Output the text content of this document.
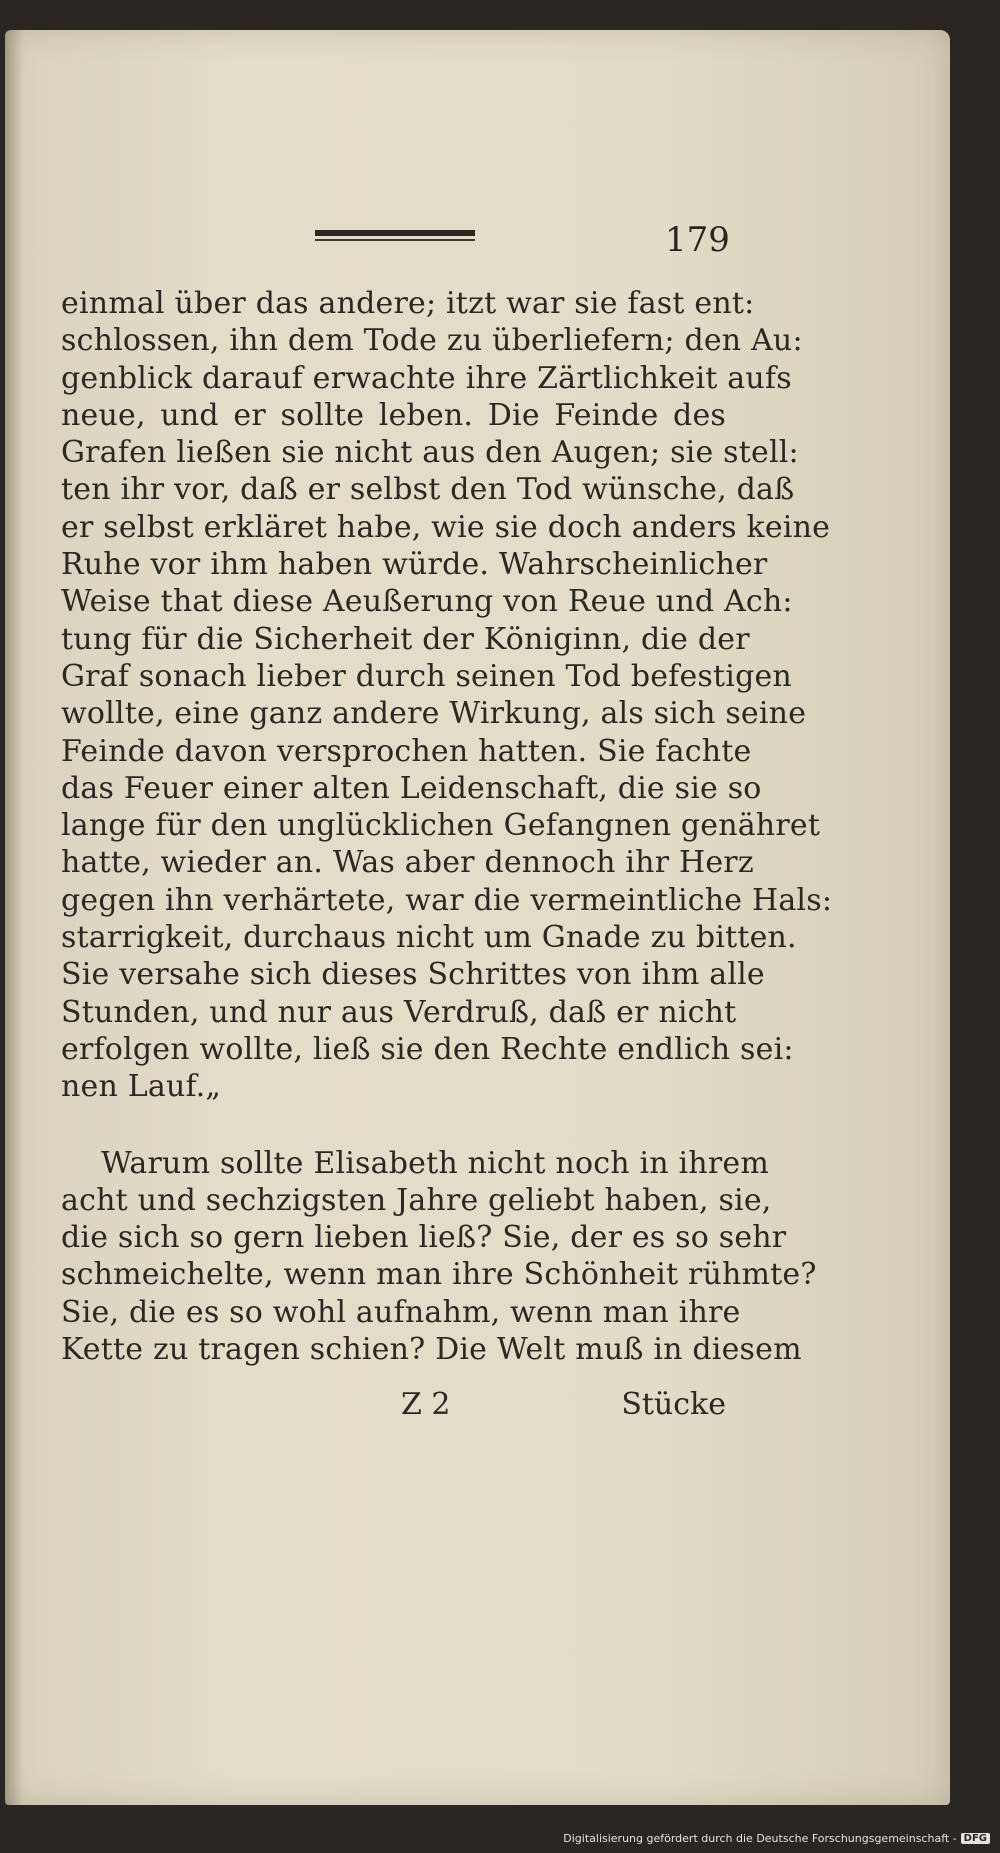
179
einmal über das andere; itzt war sie fast ent:
schlossen, ihn dem Tode zu überliefern; den Au:
genblick darauf erwachte ihre Zärtlichkeit aufs
neue, und er sollte leben. Die Feinde des
Grafen ließen sie nicht aus den Augen; sie stell:
ten ihr vor, daß er selbst den Tod wünsche, daß
er selbst erkläret habe, wie sie doch anders keine
Ruhe vor ihm haben würde. Wahrscheinlicher
Weise that diese Aeußerung von Reue und Ach:
tung für die Sicherheit der Königinn, die der
Graf sonach lieber durch seinen Tod befestigen
wollte, eine ganz andere Wirkung, als sich seine
Feinde davon versprochen hatten. Sie fachte
das Feuer einer alten Leidenschaft, die sie so
lange für den unglücklichen Gefangnen genähret
hatte, wieder an. Was aber dennoch ihr Herz
gegen ihn verhärtete, war die vermeintliche Hals:
starrigkeit, durchaus nicht um Gnade zu bitten.
Sie versahe sich dieses Schrittes von ihm alle
Stunden, und nur aus Verdruß, daß er nicht
erfolgen wollte, ließ sie den Rechte endlich sei:
nen Lauf.„
Warum sollte Elisabeth nicht noch in ihrem
acht und sechzigsten Jahre geliebt haben, sie,
die sich so gern lieben ließ? Sie, der es so sehr
schmeichelte, wenn man ihre Schönheit rühmte?
Sie, die es so wohl aufnahm, wenn man ihre
Kette zu tragen schien? Die Welt muß in diesem
Z 2	Stücke
Digitalisierung gefördert durch die Deutsche Forschungsgemeinschaft - DFG
